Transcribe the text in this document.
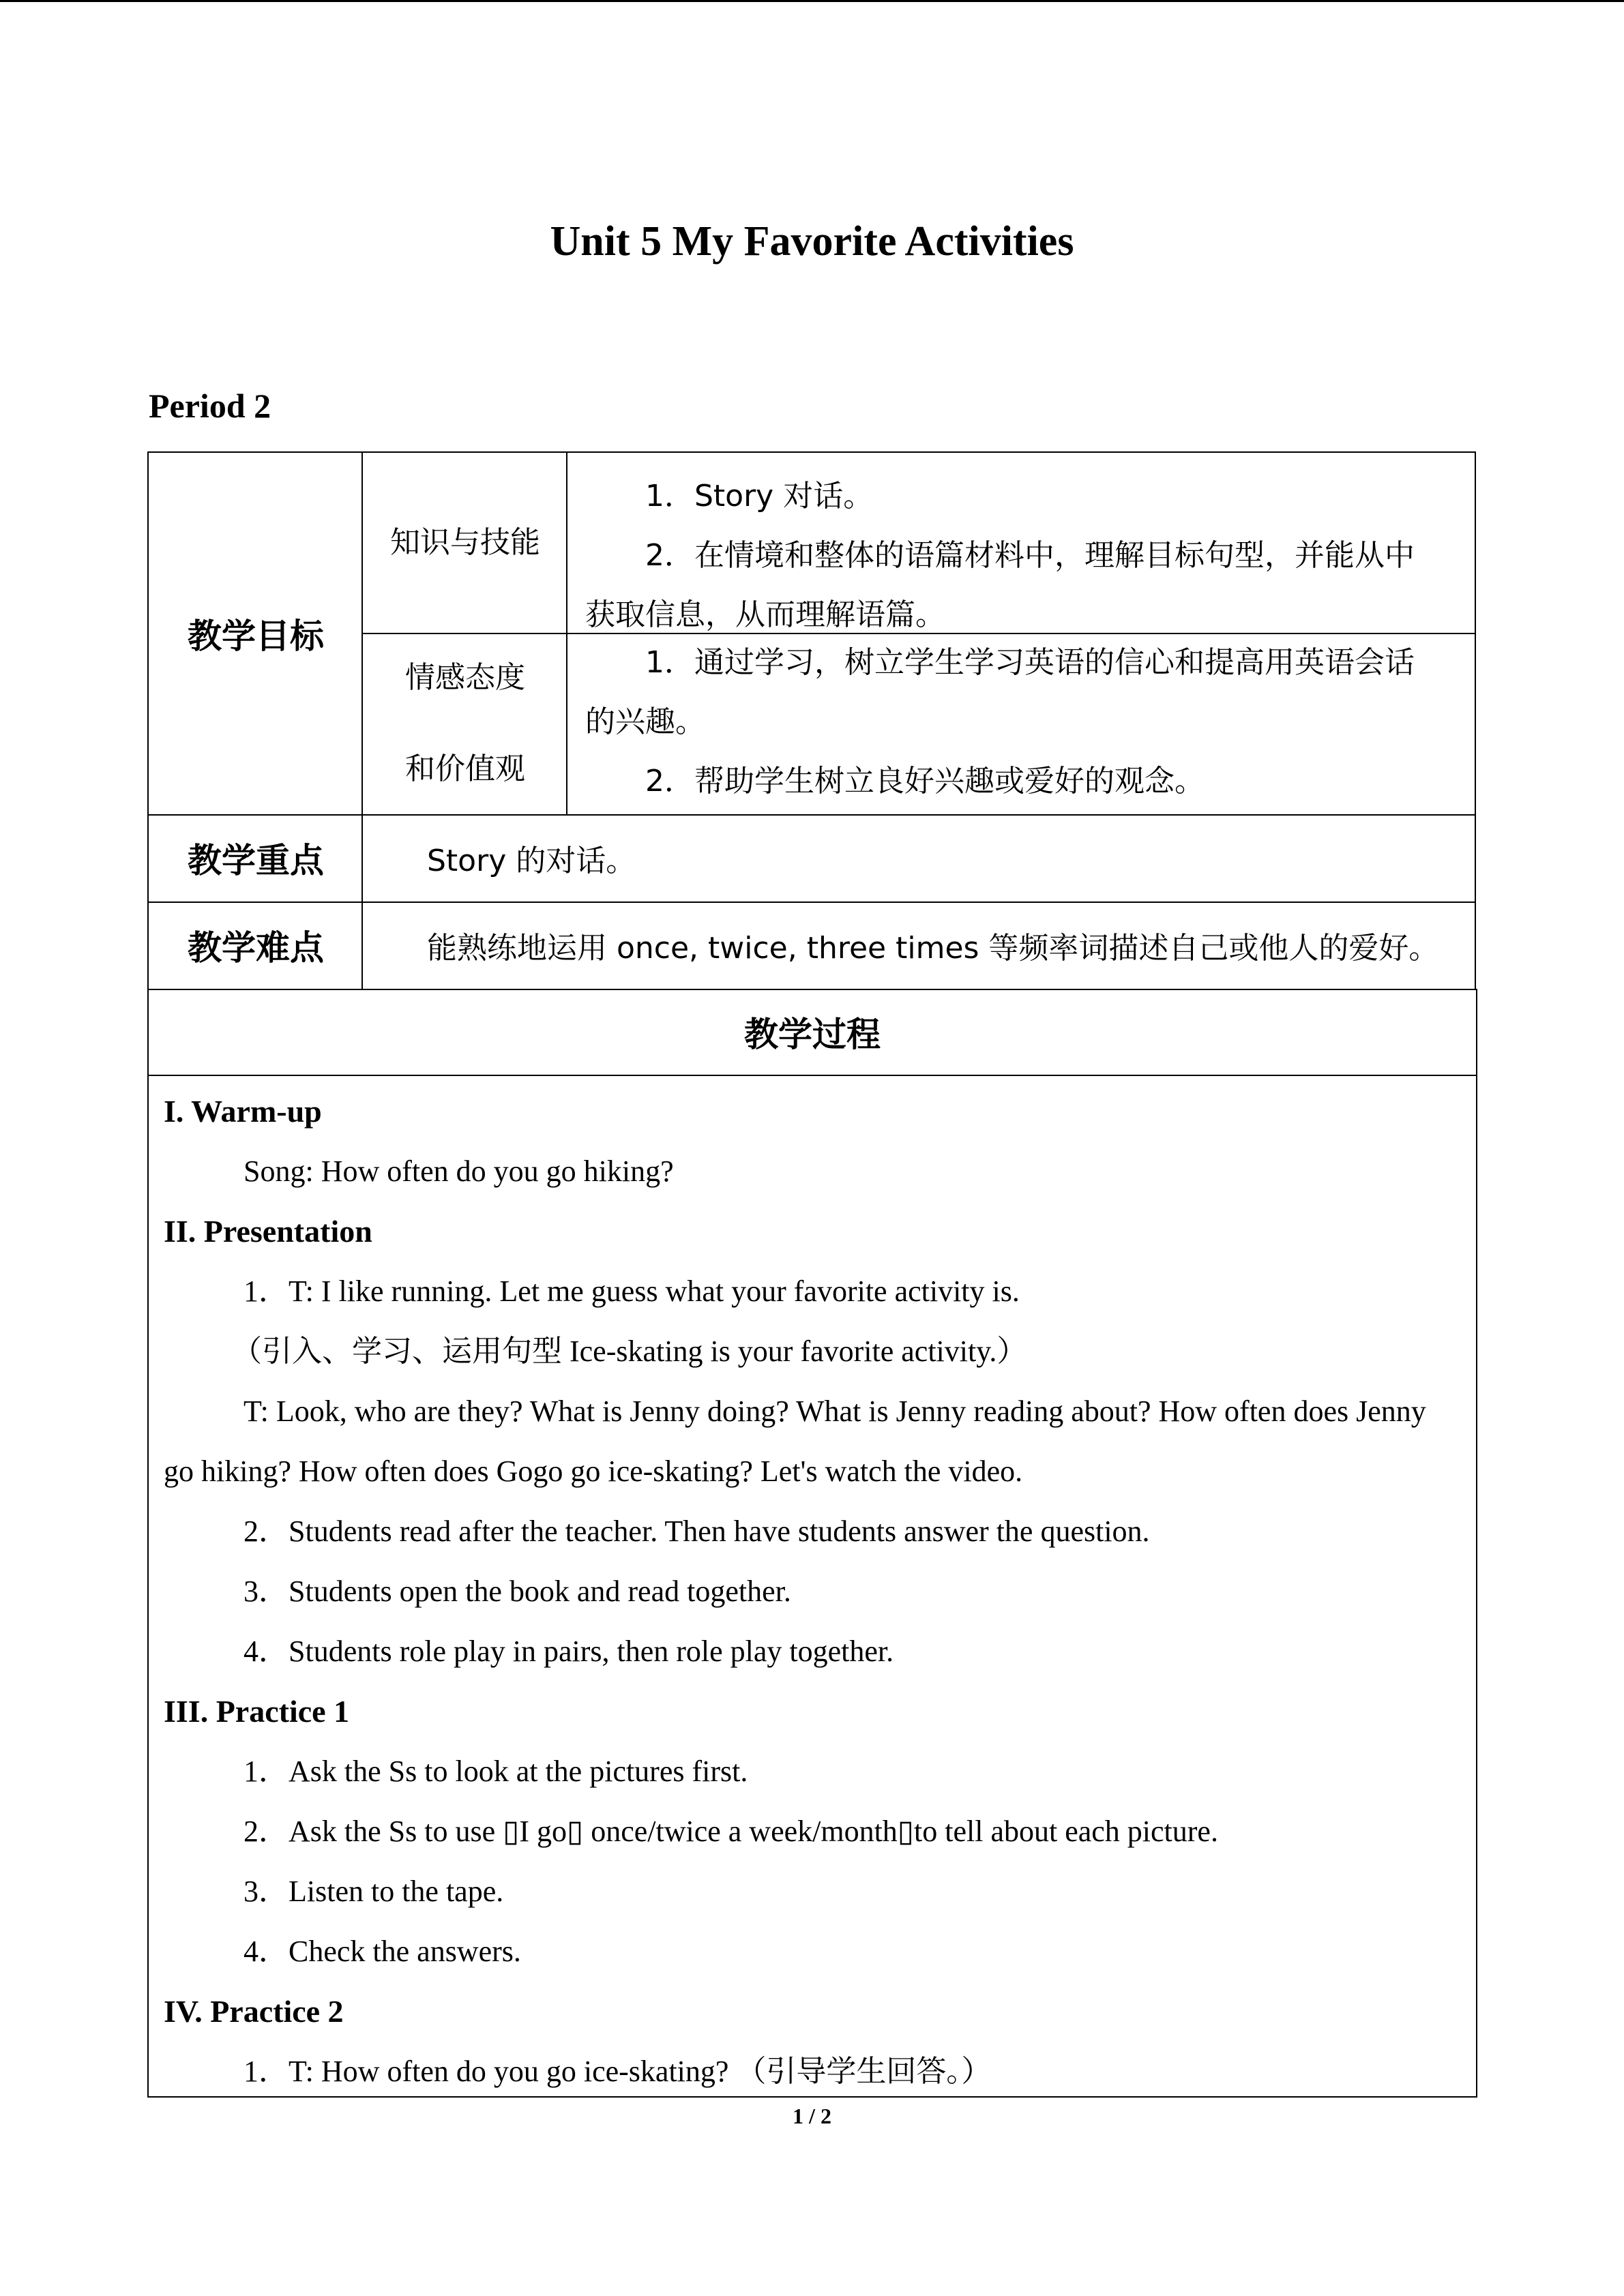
Unit 5 My Favorite Activities
Period 2
教学目标
知识与技能

1．Story 对话。

2．在情境和整体的语篇材料中，理解目标句型，并能从中获取信息，从而理解语篇。

情感态度
和价值观

1．通过学习，树立学生学习英语的信心和提高用英语会话的兴趣。

2．帮助学生树立良好兴趣或爱好的观念。

教学重点	Story 的对话。
教学难点	能熟练地运用 once, twice, three times 等频率词描述自己或他人的爱好。
教学过程

I. Warm-up

Song: How often do you go hiking?

II. Presentation

1．T: I like running. Let me guess what your favorite activity is.

（引入、学习、运用句型 Ice-skating is your favorite activity.）

T: Look, who are they? What is Jenny doing? What is Jenny reading about? How often does Jenny go hiking? How often does Gogo go ice-skating? Let's watch the video.

2．Students read after the teacher. Then have students answer the question.

3．Students open the book and read together.

4．Students role play in pairs, then role play together.

III. Practice 1

1．Ask the Ss to look at the pictures first.

2．Ask the Ss to use ▯I go▯ once/twice a week/month▯to tell about each picture.

3．Listen to the tape.

4．Check the answers.

IV. Practice 2

1．T: How often do you go ice-skating? （引导学生回答。）

1 / 2
